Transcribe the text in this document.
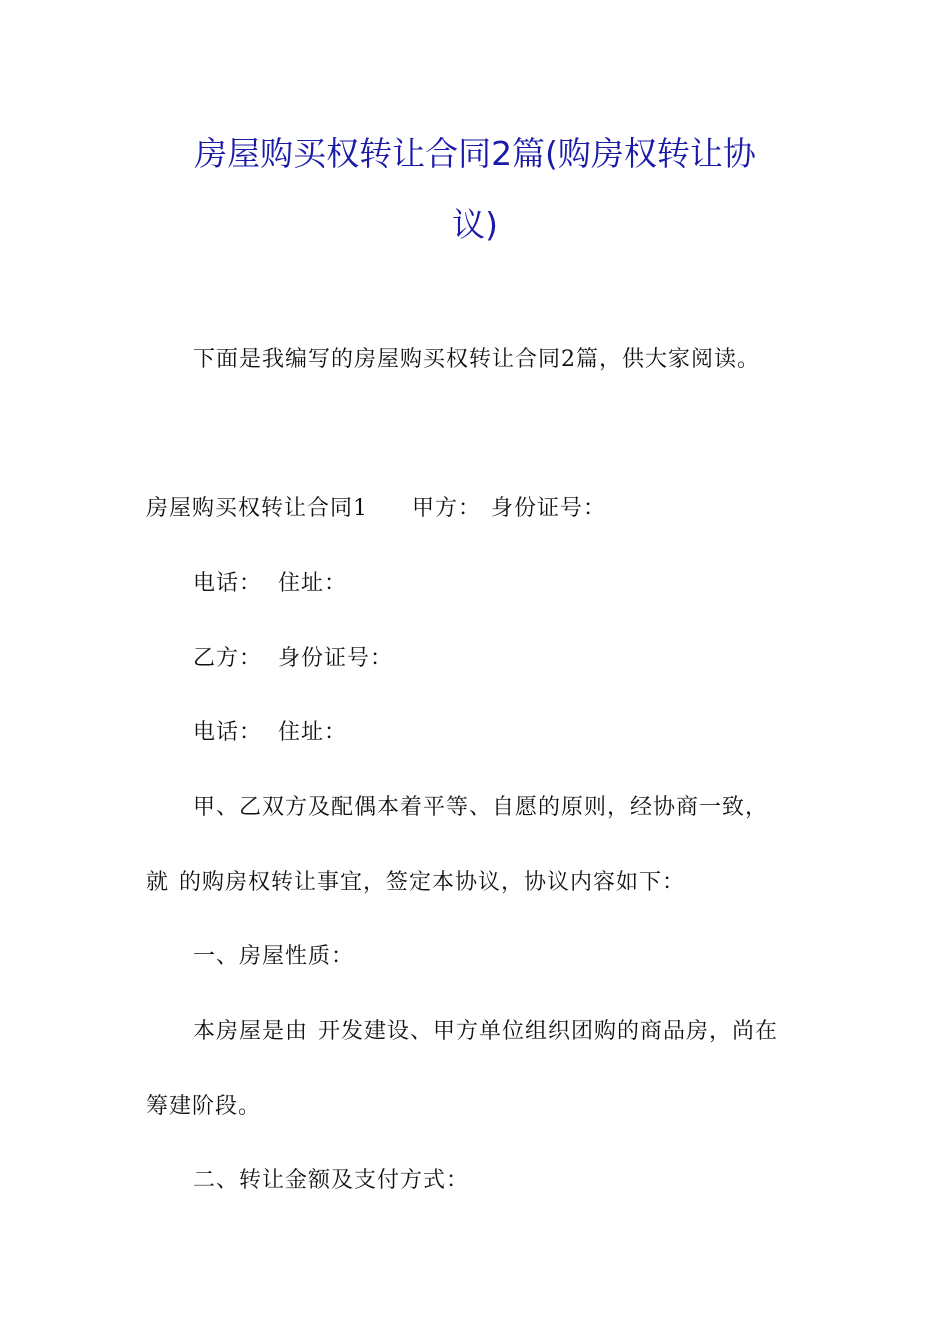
房屋购买权转让合同2篇(购房权转让协
议)
下面是我编写的房屋购买权转让合同2篇，供大家阅读。
房屋购买权转让合同1 甲方： 身份证号：
电话： 住址：
乙方： 身份证号：
电话： 住址：
甲、乙双方及配偶本着平等、自愿的原则，经协商一致，
就 的购房权转让事宜，签定本协议，协议内容如下：
一、房屋性质：
本房屋是由 开发建设、甲方单位组织团购的商品房，尚在
筹建阶段。
二、转让金额及支付方式：
